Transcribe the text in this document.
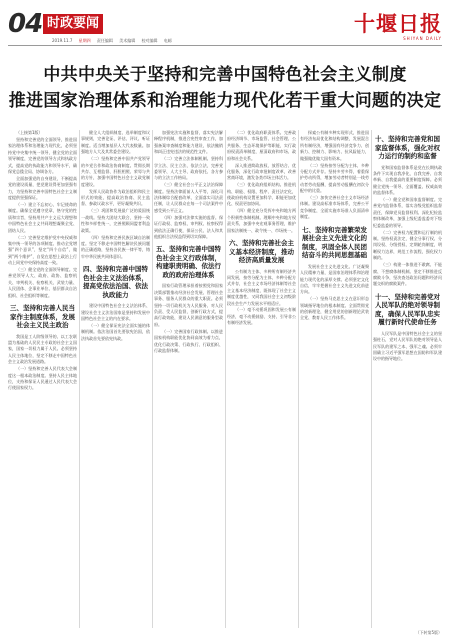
04 时政要闻
2019.11.7 星期四 责任编辑 美术编辑 校对编辑 电邮
十堰日报
SHIYAN DAILY
中共中央关于坚持和完善中国特色社会主义制度
推进国家治理体系和治理能力现代化若干重大问题的决定
（上接第1版）
坚持和完善党的全面领导，推进国家治理体系和治理能力现代化，必须坚持党中央集中统一领导，健全党的全面领导制度，完善党的领导方式和执政方式，提高党的执政能力和领导水平，确保党总揽全局、协调各方。
全面加强党的自身建设，不断提高党的建设质量，把党建设得更加坚强有力，为坚持和完善中国特色社会主义制度提供坚强保证。
（一）建立不忘初心、牢记使命的制度。确保全党遵守党章，恪守党的性质和宗旨，坚持用共产主义远大理想和中国特色社会主义共同理想凝聚全党、团结人民。
（二）完善坚定维护党中央权威和集中统一领导的各项制度。推动全党增强“四个意识”，坚定“四个自信”，做到“两个维护”，自觉在思想上政治上行动上同党中央保持高度一致。
（三）健全党的全面领导制度。完善党领导人大、政府、政协、监察机关、审判机关、检察机关、武装力量、人民团体、企事业单位、基层群众自治组织、社会组织等制度。
三、坚持和完善人民当家作主制度体系，发展社会主义民主政治
我国是工人阶级领导的、以工农联盟为基础的人民民主专政的社会主义国家，国家一切权力属于人民。必须坚持人民主体地位，坚定不移走中国特色社会主义政治发展道路。
（一）坚持和完善人民代表大会制度这一根本政治制度。坚持人民主体地位，支持和保证人民通过人民代表大会行使国家权力。
健全人大组织制度、选举制度和议事规则，完善论证、评估、评议、听证制度。适当增加基层人大代表数量。加强地方人大及其常委会建设。
（二）坚持和完善中国共产党领导的多党合作和政治协商制度。贯彻长期共存、互相监督、肝胆相照、荣辱与共的方针，加强中国特色社会主义政党制度建设。
发挥人民政协作为政治组织和民主形式的效能，提高政治协商、民主监督、参政议政水平，更好凝聚共识。
（三）巩固和发展最广泛的爱国统一战线。坚持大团结大联合，坚持一致性和多样性统一，完善照顾同盟者利益政策。
（四）坚持和完善民族区域自治制度。坚定不移走中国特色解决民族问题的正确道路，坚持各民族一律平等，铸牢中华民族共同体意识。
四、坚持和完善中国特色社会主义法治体系，提高党依法治国、依法执政能力
建设中国特色社会主义法治体系、建设社会主义法治国家是坚持和发展中国特色社会主义的内在要求。
（一）健全保证宪法全面实施的体制机制。依法治国首先要依宪治国，依法执政首先要依宪执政。
加强宪法实施和监督，落实宪法解释程序机制，推进合宪性审查工作，加强备案审查制度和能力建设，依法撤销和纠正违宪违法的规范性文件。
（二）完善立法体制机制。坚持科学立法、民主立法、依法立法，完善党委领导、人大主导、政府依托、各方参与的立法工作格局。
（三）健全社会公平正义法治保障制度。坚持法律面前人人平等，深化司法体制综合配套改革，全面落实司法责任制，让人民群众在每一个司法案件中感受到公平正义。
（四）加强对法律实施的监督。保证行政权、监察权、审判权、检察权得到依法正确行使，保证公民、法人和其他组织合法权益得到切实保障。
五、坚持和完善中国特色社会主义行政体制，构建职责明确、依法行政的政府治理体系
国家行政管理承担着按照党和国家决策部署推动经济社会发展、管理社会事务、服务人民群众的重大职责。必须坚持一切行政机关为人民服务、对人民负责、受人民监督，创新行政方式，提高行政效能，建设人民满意的服务型政府。
（一）完善国家行政体制。以推进国家机构职能优化协同高效为着力点，优化行政决策、行政执行、行政组织、行政监督体制。
（二）优化政府职责体系。完善政府经济调节、市场监管、社会管理、公共服务、生态环境保护等职能，实行政府权责清单制度，厘清政府和市场、政府和社会关系。
深入推进简政放权、放管结合、优化服务，深化行政审批制度改革，改善营商环境，激发各类市场主体活力。
（三）优化政府组织结构。推进机构、职能、权限、程序、责任法定化，使政府机构设置更加科学、职能更加优化、权责更加协同。
（四）健全充分发挥中央和地方两个积极性体制机制。理顺中央和地方权责关系，加强中央宏观事务管理，维护国家法制统一、政令统一、市场统一。
六、坚持和完善社会主义基本经济制度，推动经济高质量发展
公有制为主体、多种所有制经济共同发展，按劳分配为主体、多种分配方式并存，社会主义市场经济体制等社会主义基本经济制度，既体现了社会主义制度优越性，又同我国社会主义初级阶段社会生产力发展水平相适应。
（一）毫不动摇巩固和发展公有制经济，毫不动摇鼓励、支持、引导非公有制经济发展。
探索公有制多种实现形式，推进国有经济布局优化和结构调整，发展混合所有制经济，增强国有经济竞争力、创新力、控制力、影响力、抗风险能力，做强做优做大国有资本。
（二）坚持按劳分配为主体、多种分配方式并存。坚持多劳多得，着重保护劳动所得，增加劳动者特别是一线劳动者劳动报酬，提高劳动报酬在初次分配中的比重。
（三）加快完善社会主义市场经济体制。建设高标准市场体系，完善公平竞争制度，全面实施市场准入负面清单制度。
七、坚持和完善繁荣发展社会主义先进文化的制度，巩固全体人民团结奋斗的共同思想基础
发展社会主义先进文化、广泛凝聚人民精神力量，是国家治理体系和治理能力现代化的深厚支撑。必须坚定文化自信，牢牢把握社会主义先进文化前进方向。
（一）坚持马克思主义在意识形态领域指导地位的根本制度。全面贯彻党的创新理论，健全用党的创新理论武装全党、教育人民工作体系。
十、坚持和完善党和国家监督体系，强化对权力运行的制约和监督
党和国家监督体系是党在长期执政条件下实现自我净化、自我完善、自我革新、自我提高的重要制度保障。必须健全党统一领导、全面覆盖、权威高效的监督体系。
（一）健全党和国家监督制度。完善党内监督体系，落实各级党组织监督责任，保障党员监督权利。深化纪检监察体制改革，加强上级纪委监委对下级纪委监委的领导。
（二）完善权力配置和运行制约机制。坚持权责法定，健全分事行权、分岗设权、分级授权、定期轮岗制度，明晰权力边界，规范工作流程，强化权力制约。
（三）构建一体推进不敢腐、不能腐、不想腐体制机制。坚定不移推进反腐败斗争，坚决查处政治问题和经济问题交织的腐败案件。
十一、坚持和完善党对人民军队的绝对领导制度，确保人民军队忠实履行新时代使命任务
人民军队是中国特色社会主义的坚强柱石，党对人民军队的绝对领导是人民军队的建军之本、强军之魂。必须牢固确立习近平强军思想在国防和军队建设中的指导地位。
（下转第5版）
